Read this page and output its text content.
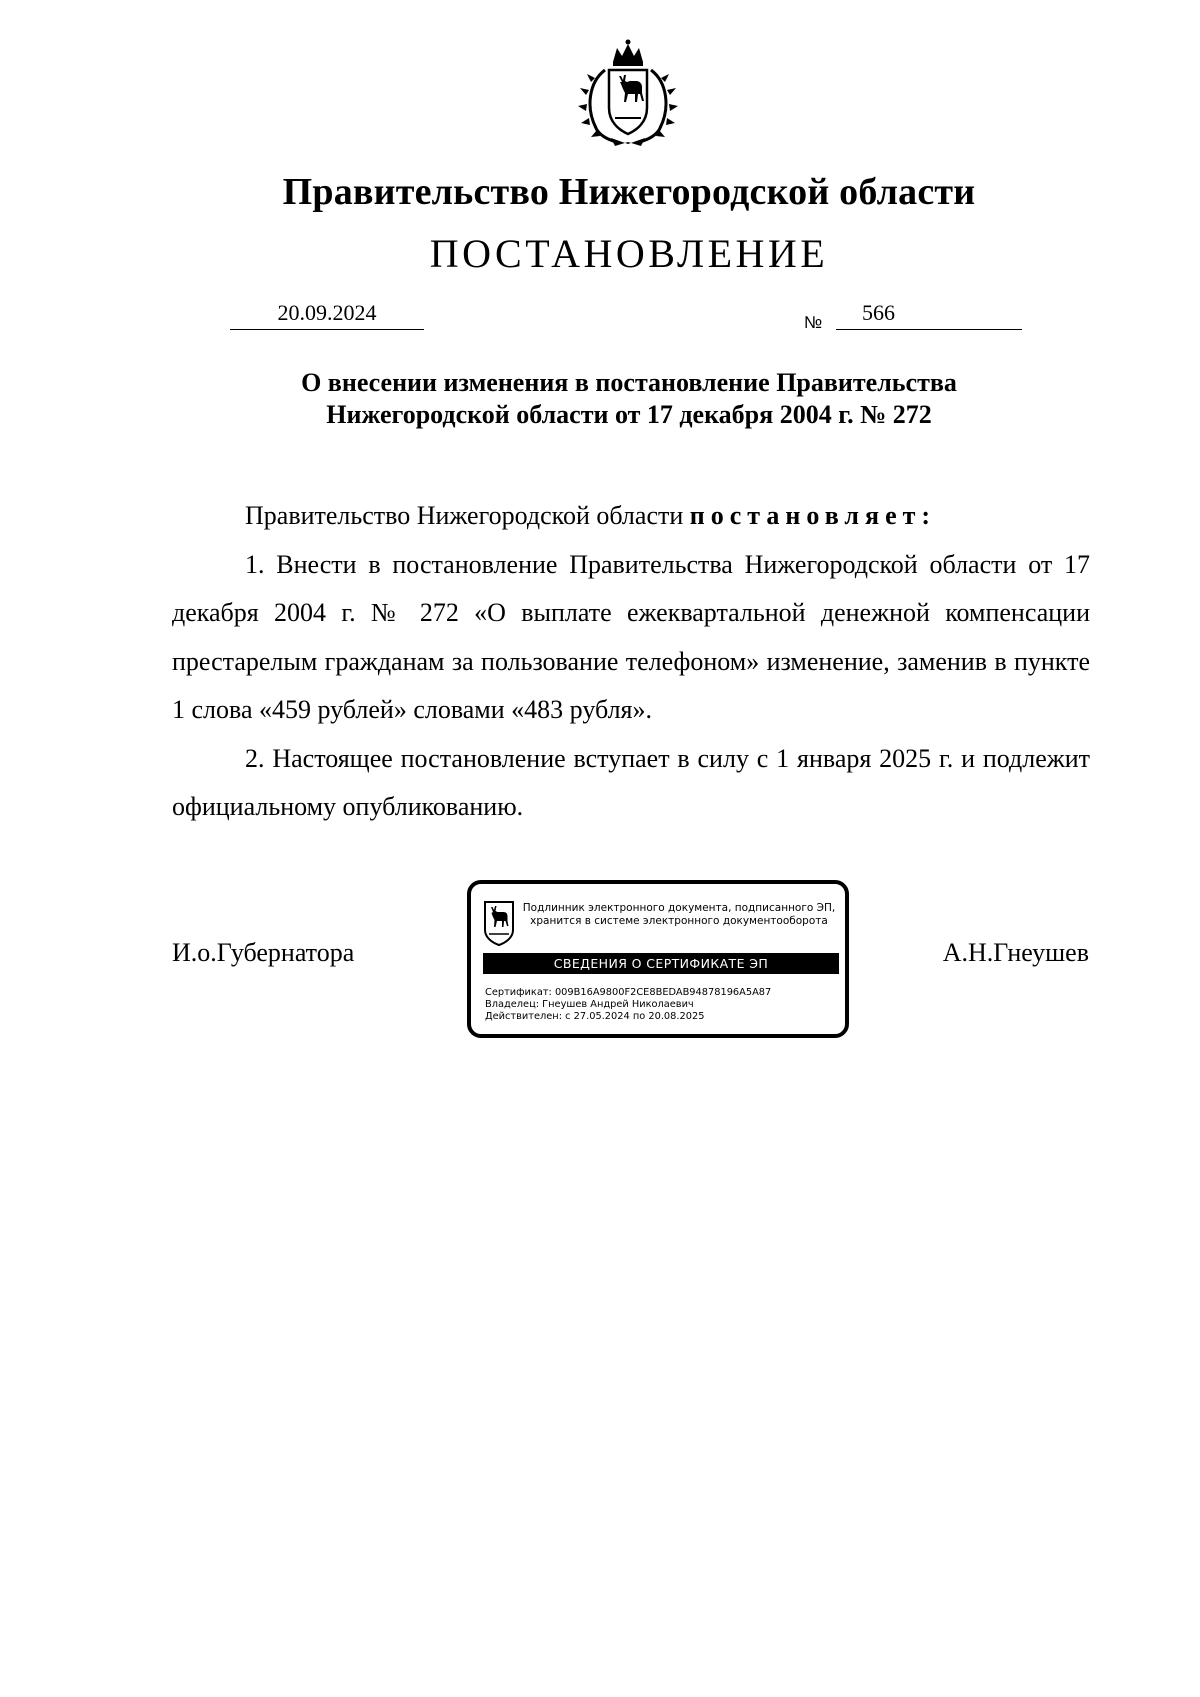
Правительство Нижегородской области
ПОСТАНОВЛЕНИЕ
20.09.2024	№	566
О внесении изменения в постановление Правительства
Нижегородской области от 17 декабря 2004 г. № 272

Правительство Нижегородской области постановляет:

1. Внести в постановление Правительства Нижегородской области от 17 декабря 2004 г. № 272 «О выплате ежеквартальной денежной компенсации престарелым гражданам за пользование телефоном» изменение, заменив в пункте 1 слова «459 рублей» словами «483 рубля».

2. Настоящее постановление вступает в силу с 1 января 2025 г. и подлежит официальному опубликованию.

И.о.Губернатора	А.Н.Гнеушев
Подлинник электронного документа, подписанного ЭП,
хранится в системе электронного документооборота
СВЕДЕНИЯ О СЕРТИФИКАТЕ ЭП
Сертификат: 009B16A9800F2CE8BEDAB94878196A5A87
Владелец: Гнеушев Андрей Николаевич
Действителен: с 27.05.2024 по 20.08.2025
